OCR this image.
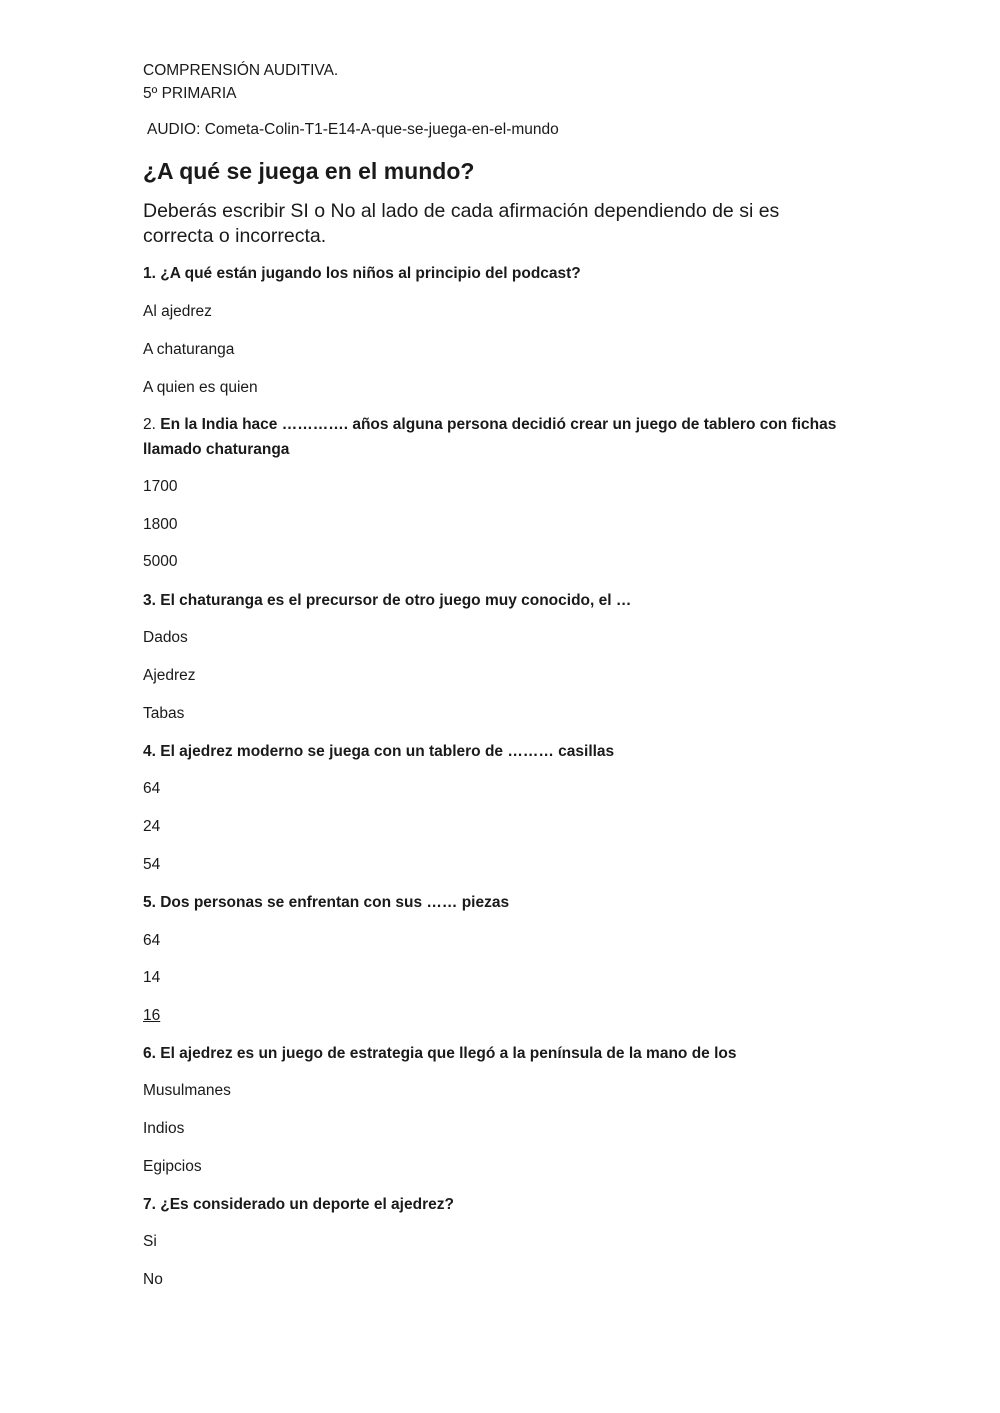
COMPRENSIÓN AUDITIVA.
5º PRIMARIA
AUDIO: Cometa-Colin-T1-E14-A-que-se-juega-en-el-mundo
¿A qué se juega en el mundo?
Deberás escribir SI o No al lado de cada afirmación dependiendo de si es correcta o incorrecta.
1. ¿A qué están jugando los niños al principio del podcast?
Al ajedrez
A chaturanga
A quien es quien
2. En la India hace …………. años alguna persona decidió crear un juego de tablero con fichas llamado chaturanga
1700
1800
5000
3. El chaturanga es el precursor de otro juego muy conocido, el …
Dados
Ajedrez
Tabas
4. El ajedrez moderno se juega con un tablero de ……… casillas
64
24
54
5. Dos personas se enfrentan con sus …… piezas
64
14
16
6. El ajedrez es un juego de estrategia que llegó a la península de la mano de los
Musulmanes
Indios
Egipcios
7. ¿Es considerado un deporte el ajedrez?
Si
No
